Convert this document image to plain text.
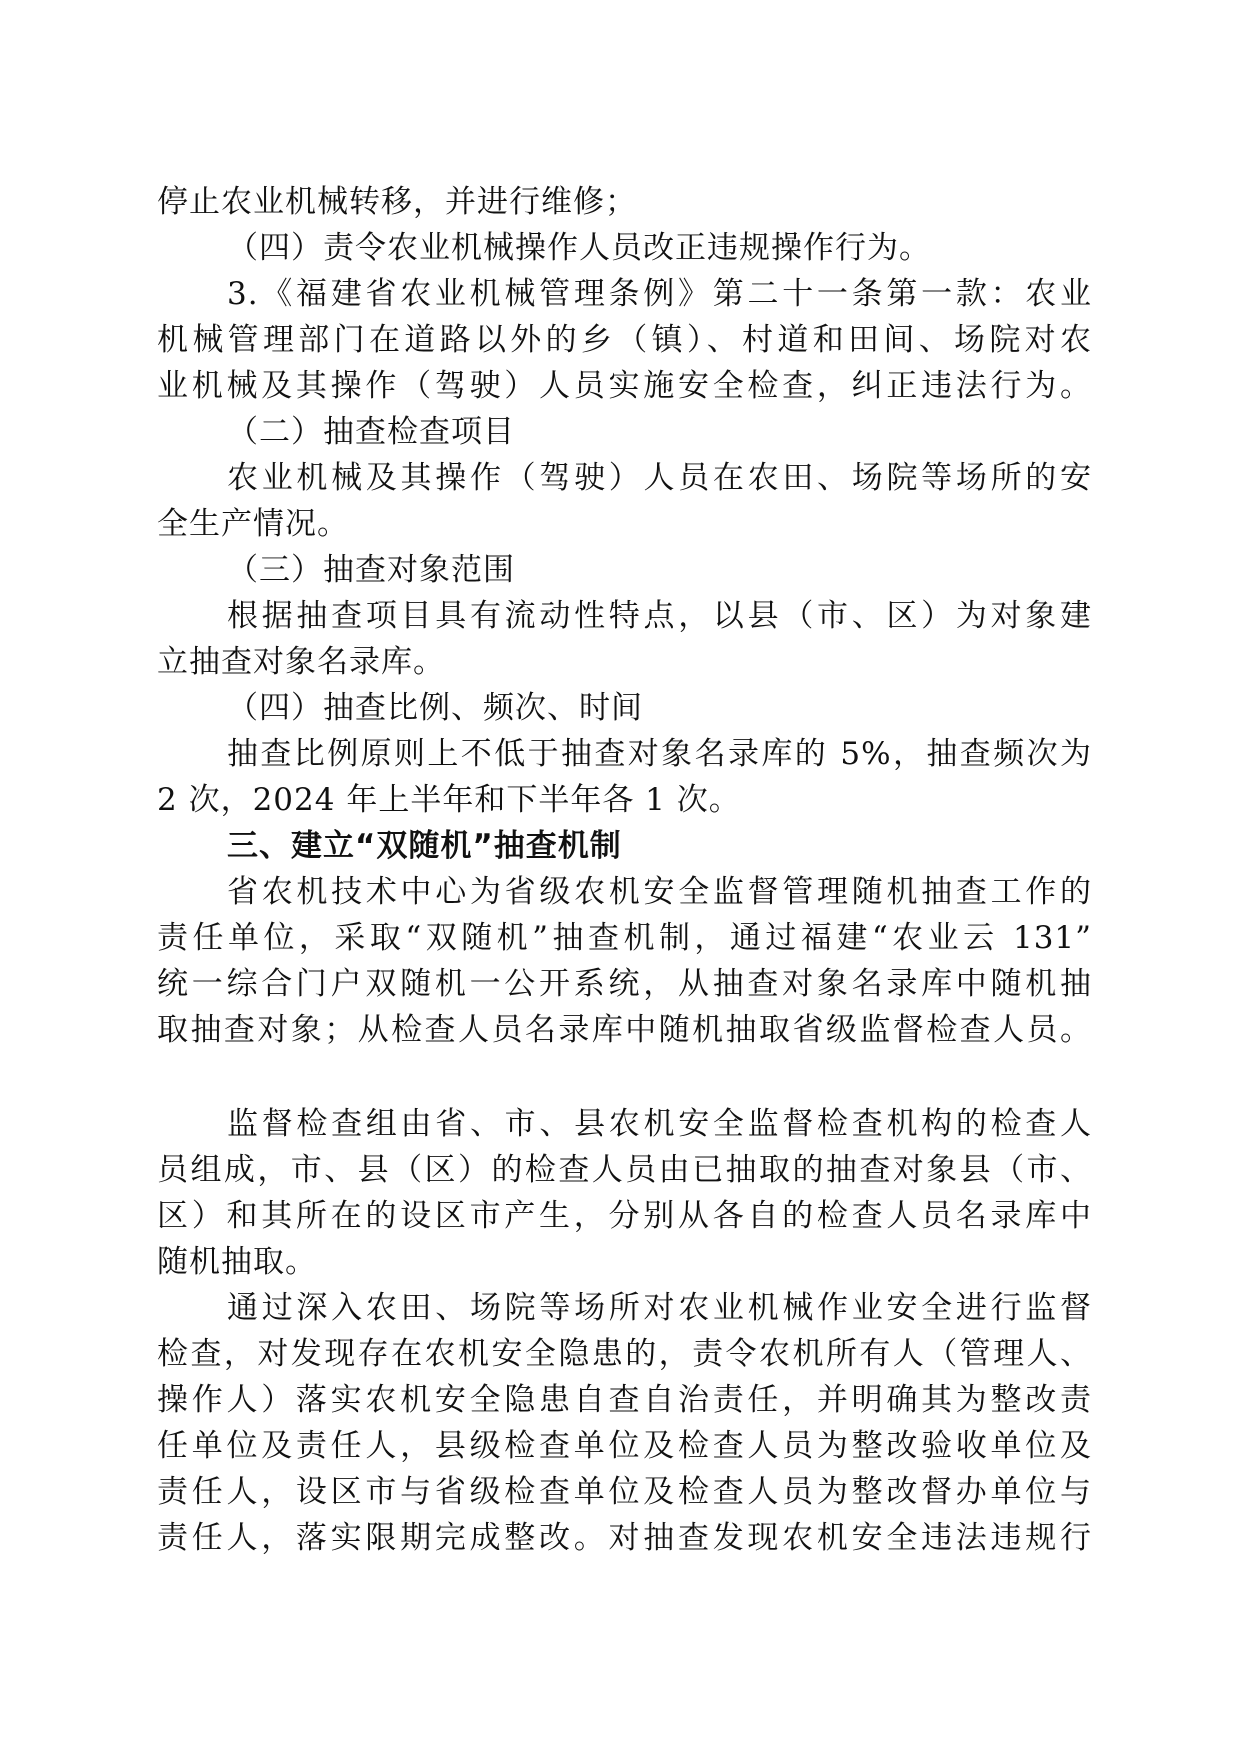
停止农业机械转移，并进行维修；
（四）责令农业机械操作人员改正违规操作行为。
3.《福建省农业机械管理条例》第二十一条第一款：农业
机械管理部门在道路以外的乡（镇）、村道和田间、场院对农
业机械及其操作（驾驶）人员实施安全检查，纠正违法行为。
（二）抽查检查项目
农业机械及其操作（驾驶）人员在农田、场院等场所的安
全生产情况。
（三）抽查对象范围
根据抽查项目具有流动性特点，以县（市、区）为对象建
立抽查对象名录库。
（四）抽查比例、频次、时间
抽查比例原则上不低于抽查对象名录库的 5%，抽查频次为
2 次，2024 年上半年和下半年各 1 次。
三、建立“双随机”抽查机制
省农机技术中心为省级农机安全监督管理随机抽查工作的
责任单位，采取“双随机”抽查机制，通过福建“农业云 131”
统一综合门户双随机一公开系统，从抽查对象名录库中随机抽
取抽查对象；从检查人员名录库中随机抽取省级监督检查人员。
监督检查组由省、市、县农机安全监督检查机构的检查人
员组成，市、县（区）的检查人员由已抽取的抽查对象县（市、
区）和其所在的设区市产生，分别从各自的检查人员名录库中
随机抽取。
通过深入农田、场院等场所对农业机械作业安全进行监督
检查，对发现存在农机安全隐患的，责令农机所有人（管理人、
操作人）落实农机安全隐患自查自治责任，并明确其为整改责
任单位及责任人，县级检查单位及检查人员为整改验收单位及
责任人，设区市与省级检查单位及检查人员为整改督办单位与
责任人，落实限期完成整改。对抽查发现农机安全违法违规行
